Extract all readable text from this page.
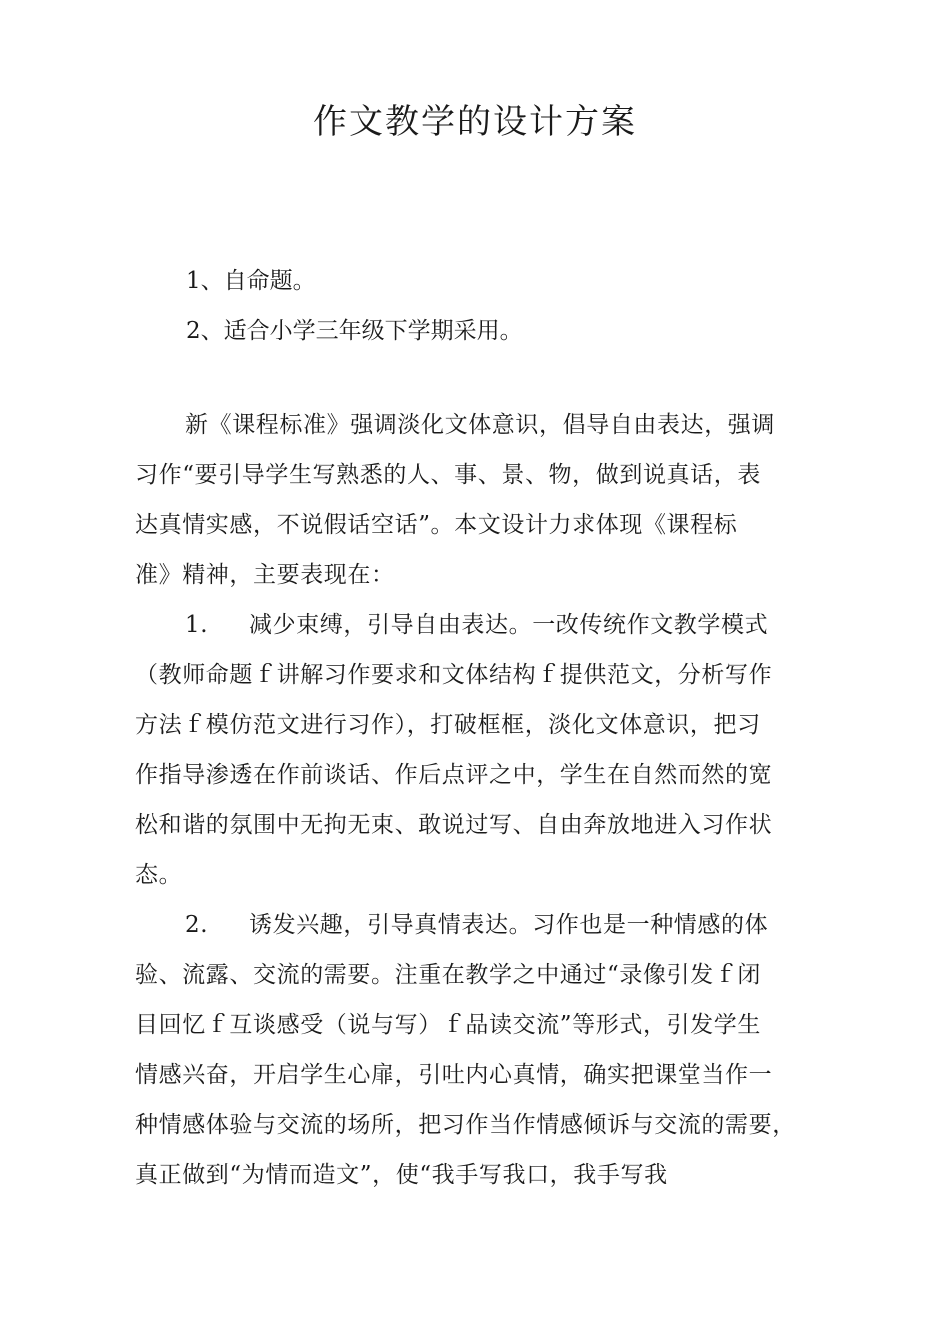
作文教学的设计方案
1、自命题。
2、适合小学三年级下学期采用。
新《课程标准》强调淡化文体意识，倡导自由表达，强调
习作“要引导学生写熟悉的人、事、景、物，做到说真话，表
达真情实感，不说假话空话”。本文设计力求体现《课程标
准》精神，主要表现在：
1. 减少束缚，引导自由表达。一改传统作文教学模式
（教师命题ｆ讲解习作要求和文体结构ｆ提供范文，分析写作
方法ｆ模仿范文进行习作），打破框框，淡化文体意识，把习
作指导渗透在作前谈话、作后点评之中，学生在自然而然的宽
松和谐的氛围中无拘无束、敢说过写、自由奔放地进入习作状
态。
2. 诱发兴趣，引导真情表达。习作也是一种情感的体
验、流露、交流的需要。注重在教学之中通过“录像引发ｆ闭
目回忆ｆ互谈感受（说与写）ｆ品读交流”等形式，引发学生
情感兴奋，开启学生心扉，引吐内心真情，确实把课堂当作一
种情感体验与交流的场所，把习作当作情感倾诉与交流的需要，
真正做到“为情而造文”，使“我手写我口，我手写我
